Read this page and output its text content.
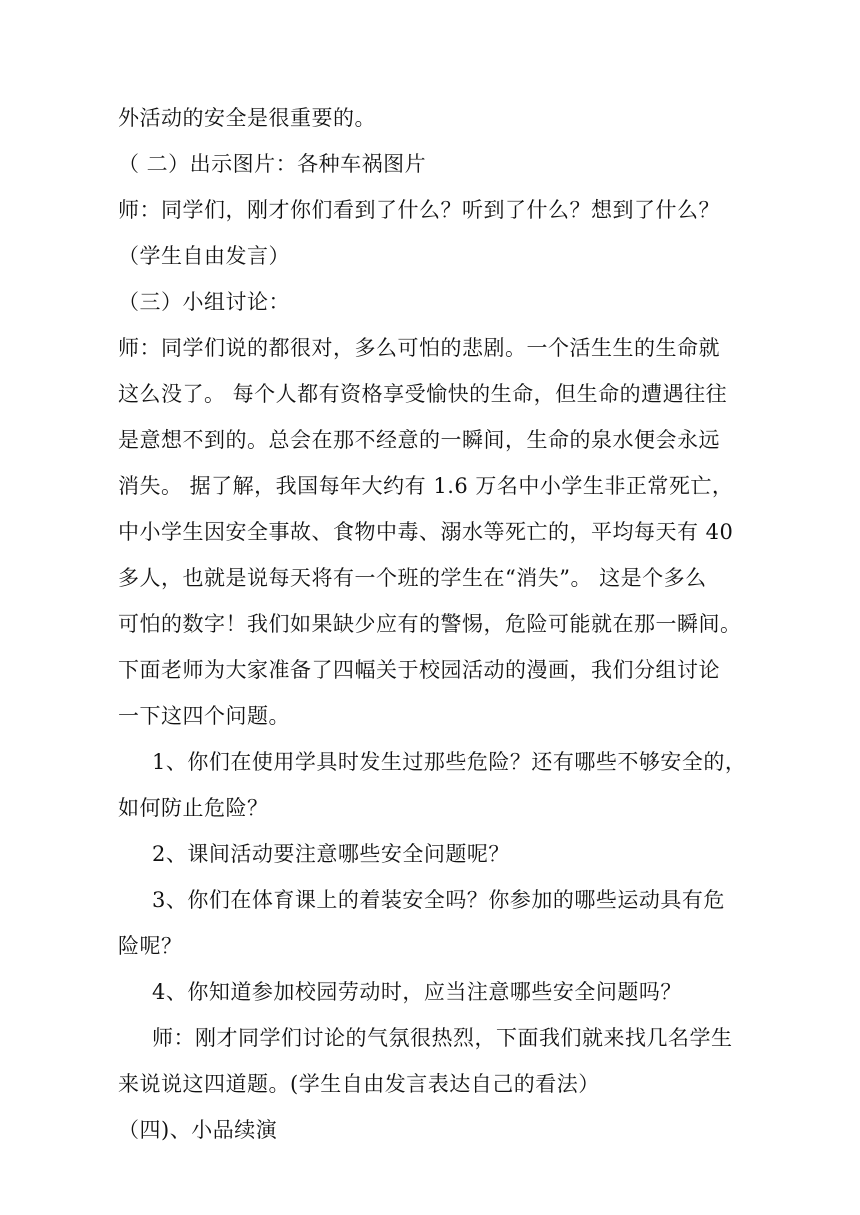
外活动的安全是很重要的。
（ 二）出示图片：各种车祸图片
师：同学们，刚才你们看到了什么？听到了什么？想到了什么？
（学生自由发言）
（三）小组讨论：
师：同学们说的都很对，多么可怕的悲剧。一个活生生的生命就
这么没了。 每个人都有资格享受愉快的生命，但生命的遭遇往往
是意想不到的。总会在那不经意的一瞬间，生命的泉水便会永远
消失。 据了解，我国每年大约有 1.6 万名中小学生非正常死亡，
中小学生因安全事故、食物中毒、溺水等死亡的，平均每天有 40
多人，也就是说每天将有一个班的学生在“消失”。 这是个多么
可怕的数字！我们如果缺少应有的警惕，危险可能就在那一瞬间。
下面老师为大家准备了四幅关于校园活动的漫画，我们分组讨论
一下这四个问题。
1、你们在使用学具时发生过那些危险？还有哪些不够安全的，
如何防止危险？
2、课间活动要注意哪些安全问题呢？
3、你们在体育课上的着装安全吗？你参加的哪些运动具有危
险呢？
4、你知道参加校园劳动时，应当注意哪些安全问题吗？
师：刚才同学们讨论的气氛很热烈，下面我们就来找几名学生
来说说这四道题。(学生自由发言表达自己的看法）
（四)、小品续演
